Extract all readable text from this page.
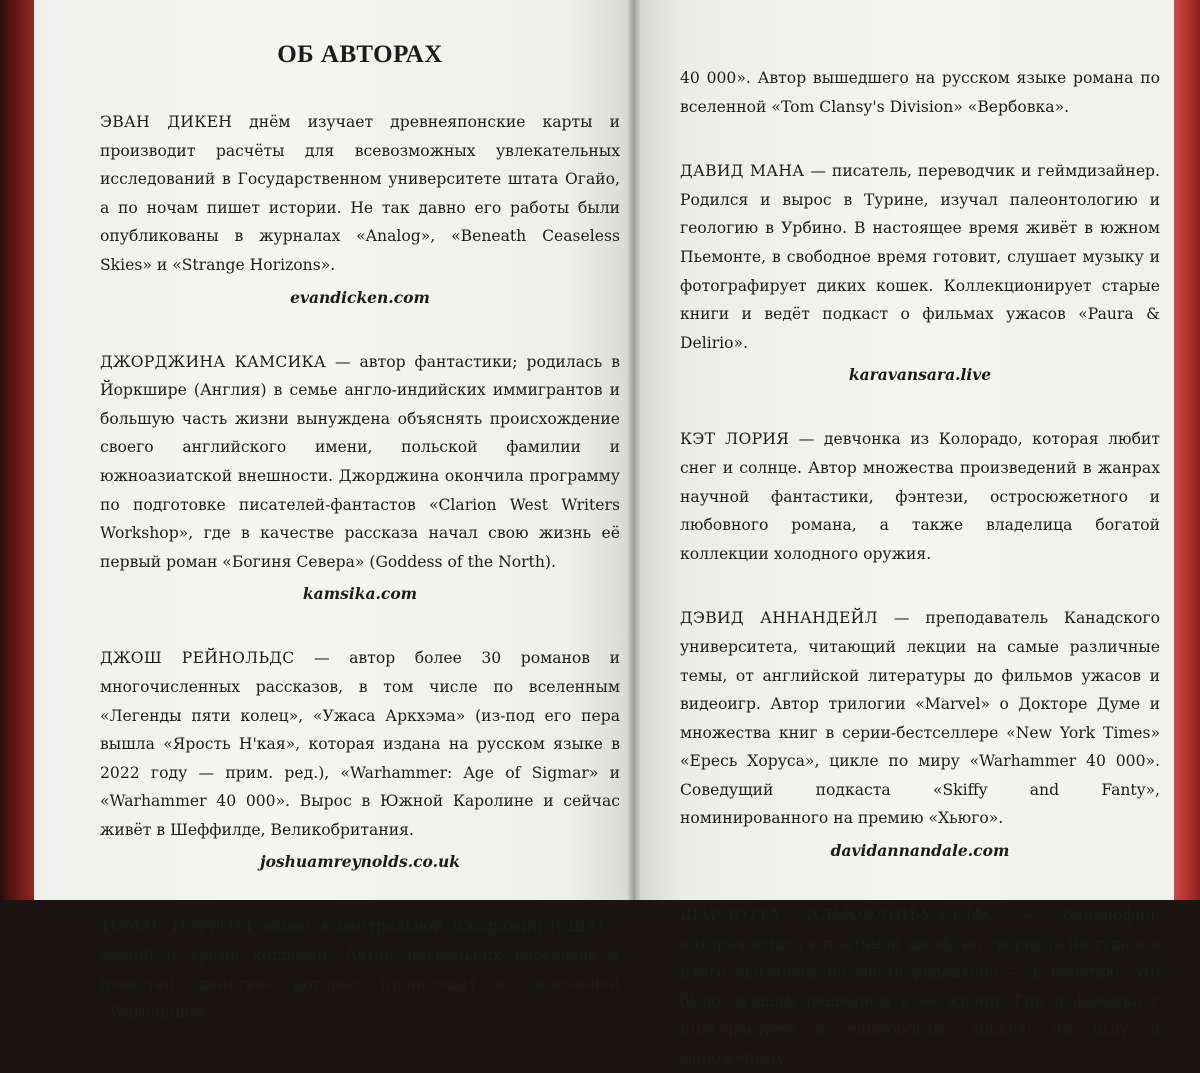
ОБ АВТОРАХ

ЭВАН ДИКЕН днём изучает древнеяпонские карты и производит расчёты для всевозможных увлекательных исследований в Государственном университете штата Огайо, а по ночам пишет истории. Не так давно его работы были опубликованы в журналах «Analog», «Beneath Ceaseless Skies» и «Strange Horizons».

evandicken.com

ДЖОРДЖИНА КАМСИКА — автор фантастики; родилась в Йоркшире (Англия) в семье англо-индийских иммигрантов и большую часть жизни вынуждена объяснять происхождение своего английского имени, польской фамилии и южноазиатской внешности. Джорджина окончила программу по подготовке писателей-фантастов «Clarion West Writers Workshop», где в качестве рассказа начал свою жизнь её первый роман «Богиня Севера» (Goddess of the North).

kamsika.com

ДЖОШ РЕЙНОЛЬДС — автор более 30 романов и многочисленных рассказов, в том числе по вселенным «Легенды пяти колец», «Ужаса Аркхэма» (из-под его пера вышла «Ярость Н'кая», которая издана на русском языке в 2022 году — прим. ред.), «Warhammer: Age of Sigmar» и «Warhammer 40 000». Вырос в Южной Каролине и сейчас живёт в Шеффилде, Великобритания.

joshuamreynolds.co.uk

ТОМАС ПЭРРОТТ живёт в центральной Джорджии (США) с женой и тремя кошками. Автор нескольких рассказов и повестей, действие которых происходит во вселенной «Warhammer

40 000». Автор вышедшего на русском языке романа по вселенной «Tom Clansy's Division» «Вербовка».

ДАВИД МАНА — писатель, переводчик и геймдизайнер. Родился и вырос в Турине, изучал палеонтологию и геологию в Урбино. В настоящее время живёт в южном Пьемонте, в свободное время готовит, слушает музыку и фотографирует диких кошек. Коллекционирует старые книги и ведёт подкаст о фильмах ужасов «Paura & Delirio».

karavansara.live

КЭТ ЛОРИЯ — девчонка из Колорадо, которая любит снег и солнце. Автор множества произведений в жанрах научной фантастики, фэнтези, остросюжетного и любовного романа, а также владелица богатой коллекции холодного оружия.

ДЭВИД АННАНДЕЙЛ — преподаватель Канадского университета, читающий лекции на самые различные темы, от английской литературы до фильмов ужасов и видеоигр. Автор трилогии «Marvel» о Докторе Думе и множества книг в серии-бестселлере «New York Times» «Ересь Хоруса», цикле по миру «Warhammer 40 000». Соведущий подкаста «Skiffy and Fanty», номинированного на премию «Хьюго».

davidannandale.com

ШАРЛОТТА АЛЬЮЭЛИН-УЭЛЛАС — библиофил, которая вошла в платяной шкаф, но свернула не туда и в итоге оказалась на месте редактора — к счастью, это было лучшим решением в её жизни. Гик и фанатка с пристрастием к единорогам, хоккею на льду и мороженому.
